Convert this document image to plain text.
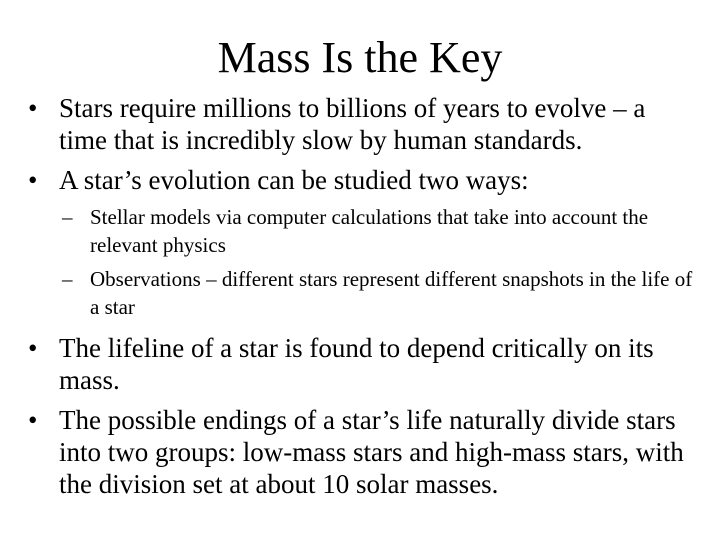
Mass Is the Key
• Stars require millions to billions of years to evolve – a time that is incredibly slow by human standards.
• A star’s evolution can be studied two ways:
– Stellar models via computer calculations that take into account the relevant physics
– Observations – different stars represent different snapshots in the life of a star
• The lifeline of a star is found to depend critically on its mass.
• The possible endings of a star’s life naturally divide stars into two groups: low-mass stars and high-mass stars, with the division set at about 10 solar masses.
